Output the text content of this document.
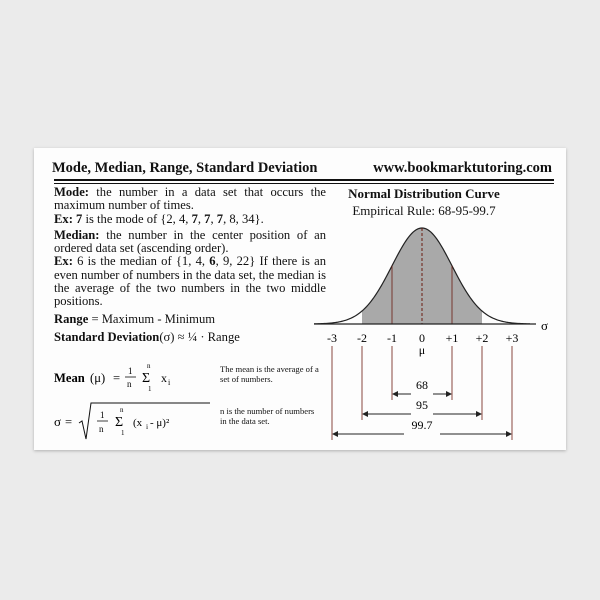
Mode, Median, Range, Standard Deviation	www.bookmarktutoring.com

Mode: the number in a data set that occurs the maximum number of times.
Ex: 7 is the mode of {2, 4, 7, 7, 7, 8, 34}.

Median: the number in the center position of an ordered data set (ascending order).
Ex: 6 is the median of {1, 4, 6, 9, 22} If there is an even number of numbers in the data set, the median is the average of the two numbers in the two middle positions.

Range = Maximum - Minimum

Standard Deviation(σ) ≈ ¼ · Range

Mean (μ) = 1
n
n
Σ
1
x i
σ =	1
n
n
Σ
1
(x i - μ)²
The mean is the average of a set of numbers.
n is the number of numbers in the data set.
Normal Distribution Curve
Empirical Rule: 68-95-99.7
σ
-3 -2 -1 0 +1 +2 +3
μ
68
95
99.7
